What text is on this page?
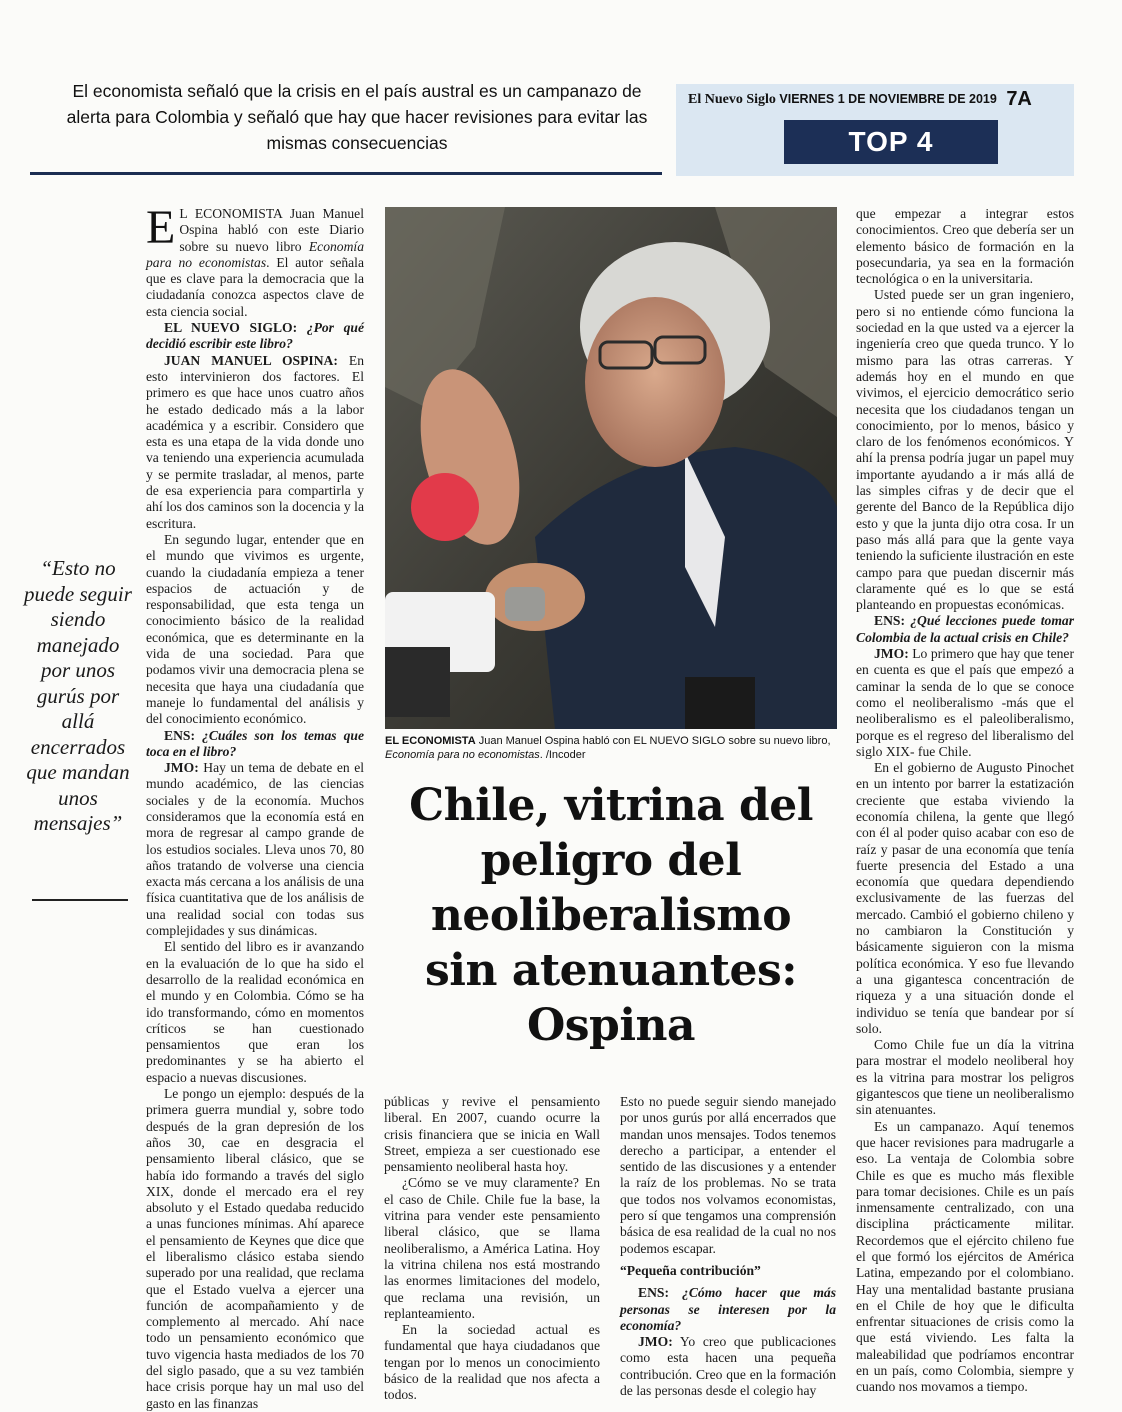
El economista señaló que la crisis en el país austral es un campanazo de alerta para Colombia y señaló que hay que hacer revisiones para evitar las mismas consecuencias
El Nuevo Siglo VIERNES 1 DE NOVIEMBRE DE 2019 7A
TOP 4
“Esto no puede seguir siendo manejado por unos gurús por allá encerrados que mandan unos mensajes”

E L ECONOMISTA Juan Manuel Ospina habló con este Diario sobre su nuevo libro Economía para no economistas. El autor señala que es clave para la democracia que la ciudadanía conozca aspectos clave de esta ciencia social.

EL NUEVO SIGLO: ¿Por qué decidió escribir este libro?

JUAN MANUEL OSPINA: En esto intervinieron dos factores. El primero es que hace unos cuatro años he estado dedicado más a la labor académica y a escribir. Considero que esta es una etapa de la vida donde uno va teniendo una experiencia acumulada y se permite trasladar, al menos, parte de esa experiencia para compartirla y ahí los dos caminos son la docencia y la escritura.

En segundo lugar, entender que en el mundo que vivimos es urgente, cuando la ciudadanía empieza a tener espacios de actuación y de responsabilidad, que esta tenga un conocimiento básico de la realidad económica, que es determinante en la vida de una sociedad. Para que podamos vivir una democracia plena se necesita que haya una ciudadanía que maneje lo fundamental del análisis y del conocimiento económico.

ENS: ¿Cuáles son los temas que toca en el libro?

JMO: Hay un tema de debate en el mundo académico, de las ciencias sociales y de la economía. Muchos consideramos que la economía está en mora de regresar al campo grande de los estudios sociales. Lleva unos 70, 80 años tratando de volverse una ciencia exacta más cercana a los análisis de una física cuantitativa que de los análisis de una realidad social con todas sus complejidades y sus dinámicas.

El sentido del libro es ir avanzando en la evaluación de lo que ha sido el desarrollo de la realidad económica en el mundo y en Colombia. Cómo se ha ido transformando, cómo en momentos críticos se han cuestionado pensamientos que eran los predominantes y se ha abierto el espacio a nuevas discusiones.

Le pongo un ejemplo: después de la primera guerra mundial y, sobre todo después de la gran depresión de los años 30, cae en desgracia el pensamiento liberal clásico, que se había ido formando a través del siglo XIX, donde el mercado era el rey absoluto y el Estado quedaba reducido a unas funciones mínimas. Ahí aparece el pensamiento de Keynes que dice que el liberalismo clásico estaba siendo superado por una realidad, que reclama que el Estado vuelva a ejercer una función de acompañamiento y de complemento al mercado. Ahí nace todo un pensamiento económico que tuvo vigencia hasta mediados de los 70 del siglo pasado, que a su vez también hace crisis porque hay un mal uso del gasto en las finanzas

EL ECONOMISTA Juan Manuel Ospina habló con EL NUEVO SIGLO sobre su nuevo libro, Economía para no economistas. /Incoder
Chile, vitrina del peligro del neoliberalismo sin atenuantes: Ospina

públicas y revive el pensamiento liberal. En 2007, cuando ocurre la crisis financiera que se inicia en Wall Street, empieza a ser cuestionado ese pensamiento neoliberal hasta hoy.

¿Cómo se ve muy claramente? En el caso de Chile. Chile fue la base, la vitrina para vender este pensamiento liberal clásico, que se llama neoliberalismo, a América Latina. Hoy la vitrina chilena nos está mostrando las enormes limitaciones del modelo, que reclama una revisión, un replanteamiento.

En la sociedad actual es fundamental que haya ciudadanos que tengan por lo menos un conocimiento básico de la realidad que nos afecta a todos.

Esto no puede seguir siendo manejado por unos gurús por allá encerrados que mandan unos mensajes. Todos tenemos derecho a participar, a entender el sentido de las discusiones y a entender la raíz de los problemas. No se trata que todos nos volvamos economistas, pero sí que tengamos una comprensión básica de esa realidad de la cual no nos podemos escapar.

“Pequeña contribución”

ENS: ¿Cómo hacer que más personas se interesen por la economía?

JMO: Yo creo que publicaciones como esta hacen una pequeña contribución. Creo que en la formación de las personas desde el colegio hay

que empezar a integrar estos conocimientos. Creo que debería ser un elemento básico de formación en la posecundaria, ya sea en la formación tecnológica o en la universitaria.

Usted puede ser un gran ingeniero, pero si no entiende cómo funciona la sociedad en la que usted va a ejercer la ingeniería creo que queda trunco. Y lo mismo para las otras carreras. Y además hoy en el mundo en que vivimos, el ejercicio democrático serio necesita que los ciudadanos tengan un conocimiento, por lo menos, básico y claro de los fenómenos económicos. Y ahí la prensa podría jugar un papel muy importante ayudando a ir más allá de las simples cifras y de decir que el gerente del Banco de la República dijo esto y que la junta dijo otra cosa. Ir un paso más allá para que la gente vaya teniendo la suficiente ilustración en este campo para que puedan discernir más claramente qué es lo que se está planteando en propuestas económicas.

ENS: ¿Qué lecciones puede tomar Colombia de la actual crisis en Chile?

JMO: Lo primero que hay que tener en cuenta es que el país que empezó a caminar la senda de lo que se conoce como el neoliberalismo -más que el neoliberalismo es el paleoliberalismo, porque es el regreso del liberalismo del siglo XIX- fue Chile.

En el gobierno de Augusto Pinochet en un intento por barrer la estatización creciente que estaba viviendo la economía chilena, la gente que llegó con él al poder quiso acabar con eso de raíz y pasar de una economía que tenía fuerte presencia del Estado a una economía que quedara dependiendo exclusivamente de las fuerzas del mercado. Cambió el gobierno chileno y no cambiaron la Constitución y básicamente siguieron con la misma política económica. Y eso fue llevando a una gigantesca concentración de riqueza y a una situación donde el individuo se tenía que bandear por sí solo.

Como Chile fue un día la vitrina para mostrar el modelo neoliberal hoy es la vitrina para mostrar los peligros gigantescos que tiene un neoliberalismo sin atenuantes.

Es un campanazo. Aquí tenemos que hacer revisiones para madrugarle a eso. La ventaja de Colombia sobre Chile es que es mucho más flexible para tomar decisiones. Chile es un país inmensamente centralizado, con una disciplina prácticamente militar. Recordemos que el ejército chileno fue el que formó los ejércitos de América Latina, empezando por el colombiano. Hay una mentalidad bastante prusiana en el Chile de hoy que le dificulta enfrentar situaciones de crisis como la que está viviendo. Les falta la maleabilidad que podríamos encontrar en un país, como Colombia, siempre y cuando nos movamos a tiempo.
